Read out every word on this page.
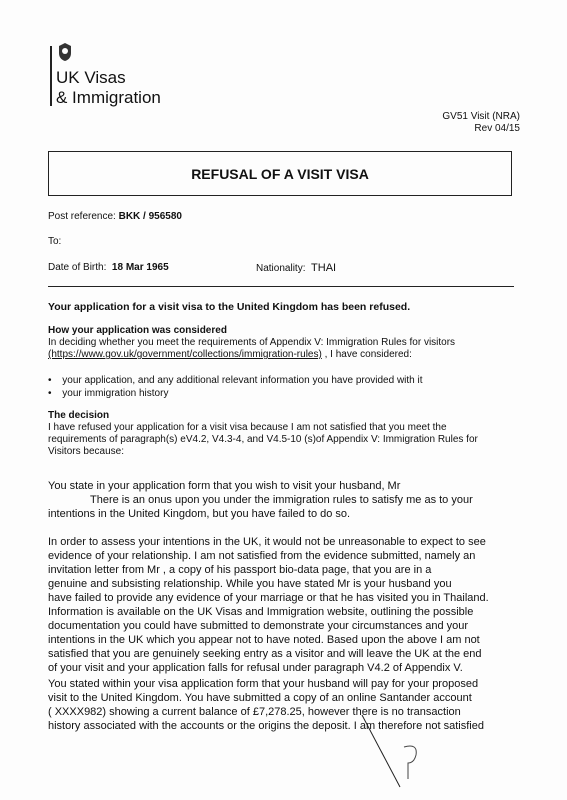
UK Visas
& Immigration
GV51 Visit (NRA)
Rev 04/15
REFUSAL OF A VISIT VISA
Post reference: BKK / 956580
To:
Date of Birth: 18 Mar 1965	Nationality: THAI
Your application for a visit visa to the United Kingdom has been refused.
How your application was considered
In deciding whether you meet the requirements of Appendix V: Immigration Rules for visitors
(https://www.gov.uk/government/collections/immigration-rules) , I have considered:
• your application, and any additional relevant information you have provided with it
• your immigration history
The decision
I have refused your application for a visit visa because I am not satisfied that you meet the
requirements of paragraph(s) eV4.2, V4.3-4, and V4.5-10 (s)of Appendix V: Immigration Rules for
Visitors because:
You state in your application form that you wish to visit your husband, Mr
There is an onus upon you under the immigration rules to satisfy me as to your
intentions in the United Kingdom, but you have failed to do so.
In order to assess your intentions in the UK, it would not be unreasonable to expect to see
evidence of your relationship. I am not satisfied from the evidence submitted, namely an
invitation letter from Mr , a copy of his passport bio-data page, that you are in a
genuine and subsisting relationship. While you have stated Mr is your husband you
have failed to provide any evidence of your marriage or that he has visited you in Thailand.
Information is available on the UK Visas and Immigration website, outlining the possible
documentation you could have submitted to demonstrate your circumstances and your
intentions in the UK which you appear not to have noted. Based upon the above I am not
satisfied that you are genuinely seeking entry as a visitor and will leave the UK at the end
of your visit and your application falls for refusal under paragraph V4.2 of Appendix V.
You stated within your visa application form that your husband will pay for your proposed
visit to the United Kingdom. You have submitted a copy of an online Santander account
( XXXX982) showing a current balance of £7,278.25, however there is no transaction
history associated with the accounts or the origins the deposit. I am therefore not satisfied
